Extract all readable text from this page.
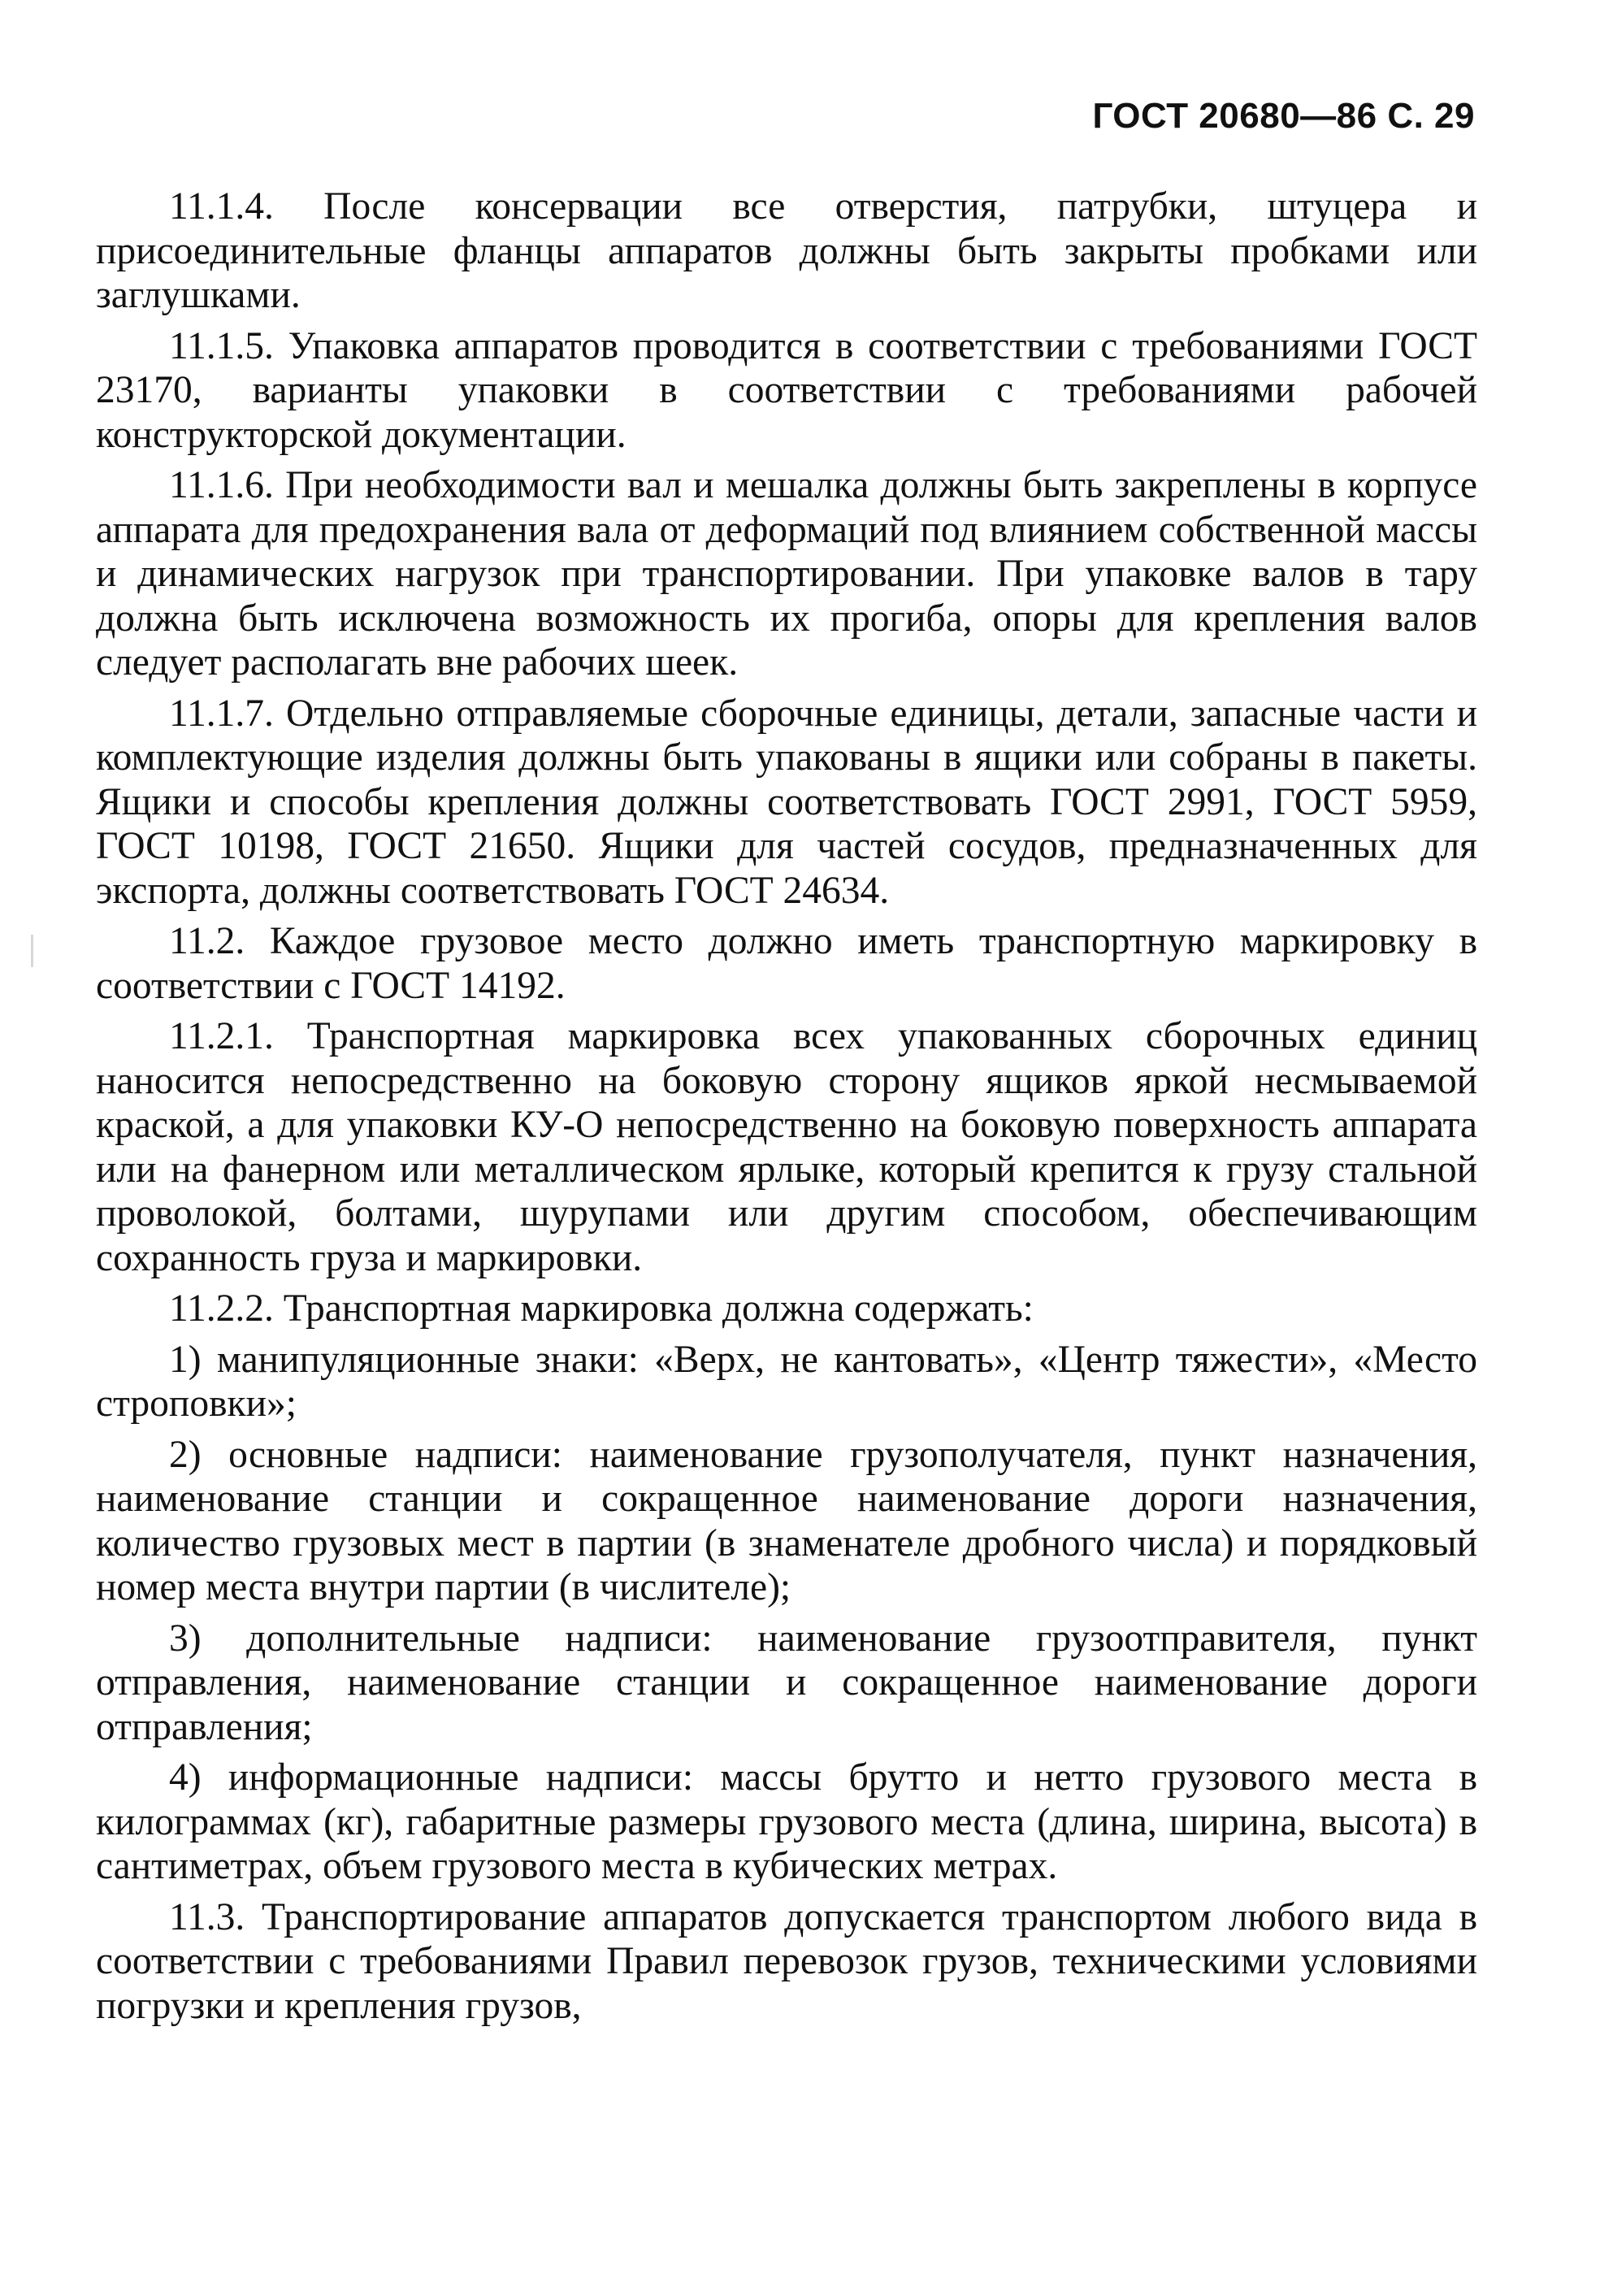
ГОСТ 20680—86 С. 29

11.1.4. После консервации все отверстия, патрубки, штуцера и присоединительные фланцы аппаратов должны быть закрыты пробками или заглушками.

11.1.5. Упаковка аппаратов проводится в соответствии с требованиями ГОСТ 23170, варианты упаковки в соответствии с требованиями рабочей конструкторской документации.

11.1.6. При необходимости вал и мешалка должны быть закреплены в корпусе аппарата для предохранения вала от деформаций под влиянием собственной массы и динамических нагрузок при транспортировании. При упаковке валов в тару должна быть исключена возможность их прогиба, опоры для крепления валов следует располагать вне рабочих шеек.

11.1.7. Отдельно отправляемые сборочные единицы, детали, запасные части и комплектующие изделия должны быть упакованы в ящики или собраны в пакеты. Ящики и способы крепления должны соответствовать ГОСТ 2991, ГОСТ 5959, ГОСТ 10198, ГОСТ 21650. Ящики для частей сосудов, предназначенных для экспорта, должны соответствовать ГОСТ 24634.

11.2. Каждое грузовое место должно иметь транспортную маркировку в соответствии с ГОСТ 14192.

11.2.1. Транспортная маркировка всех упакованных сборочных единиц наносится непосредственно на боковую сторону ящиков яркой несмываемой краской, а для упаковки КУ-О непосредственно на боковую поверхность аппарата или на фанерном или металлическом ярлыке, который крепится к грузу стальной проволокой, болтами, шурупами или другим способом, обеспечивающим сохранность груза и маркировки.

11.2.2. Транспортная маркировка должна содержать:

1) манипуляционные знаки: «Верх, не кантовать», «Центр тяжести», «Место строповки»;

2) основные надписи: наименование грузополучателя, пункт назначения, наименование станции и сокращенное наименование дороги назначения, количество грузовых мест в партии (в знаменателе дробного числа) и порядковый номер места внутри партии (в числителе);

3) дополнительные надписи: наименование грузоотправителя, пункт отправления, наименование станции и сокращенное наименование дороги отправления;

4) информационные надписи: массы брутто и нетто грузового места в килограммах (кг), габаритные размеры грузового места (длина, ширина, высота) в сантиметрах, объем грузового места в кубических метрах.

11.3. Транспортирование аппаратов допускается транспортом любого вида в соответствии с требованиями Правил перевозок грузов, техническими условиями погрузки и крепления грузов,
